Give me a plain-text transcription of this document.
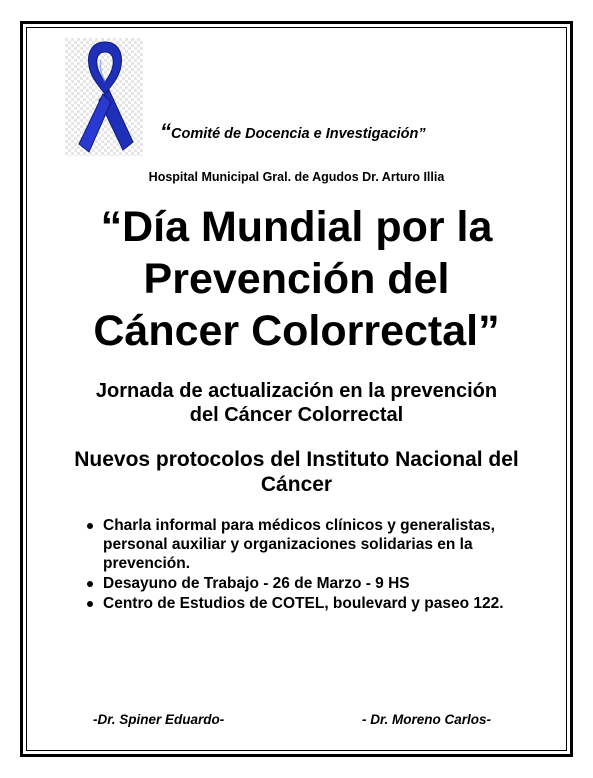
“Comité de Docencia e Investigación”
Hospital Municipal Gral. de Agudos Dr. Arturo Illia
“Día Mundial por la
Prevención del
Cáncer Colorrectal”
Jornada de actualización en la prevención
del Cáncer Colorrectal
Nuevos protocolos del Instituto Nacional del
Cáncer
Charla informal para médicos clínicos y generalistas, personal auxiliar y organizaciones solidarias en la prevención.
Desayuno de Trabajo - 26 de Marzo - 9 HS
Centro de Estudios de COTEL, boulevard y paseo 122.
-Dr. Spiner Eduardo-	- Dr. Moreno Carlos-
